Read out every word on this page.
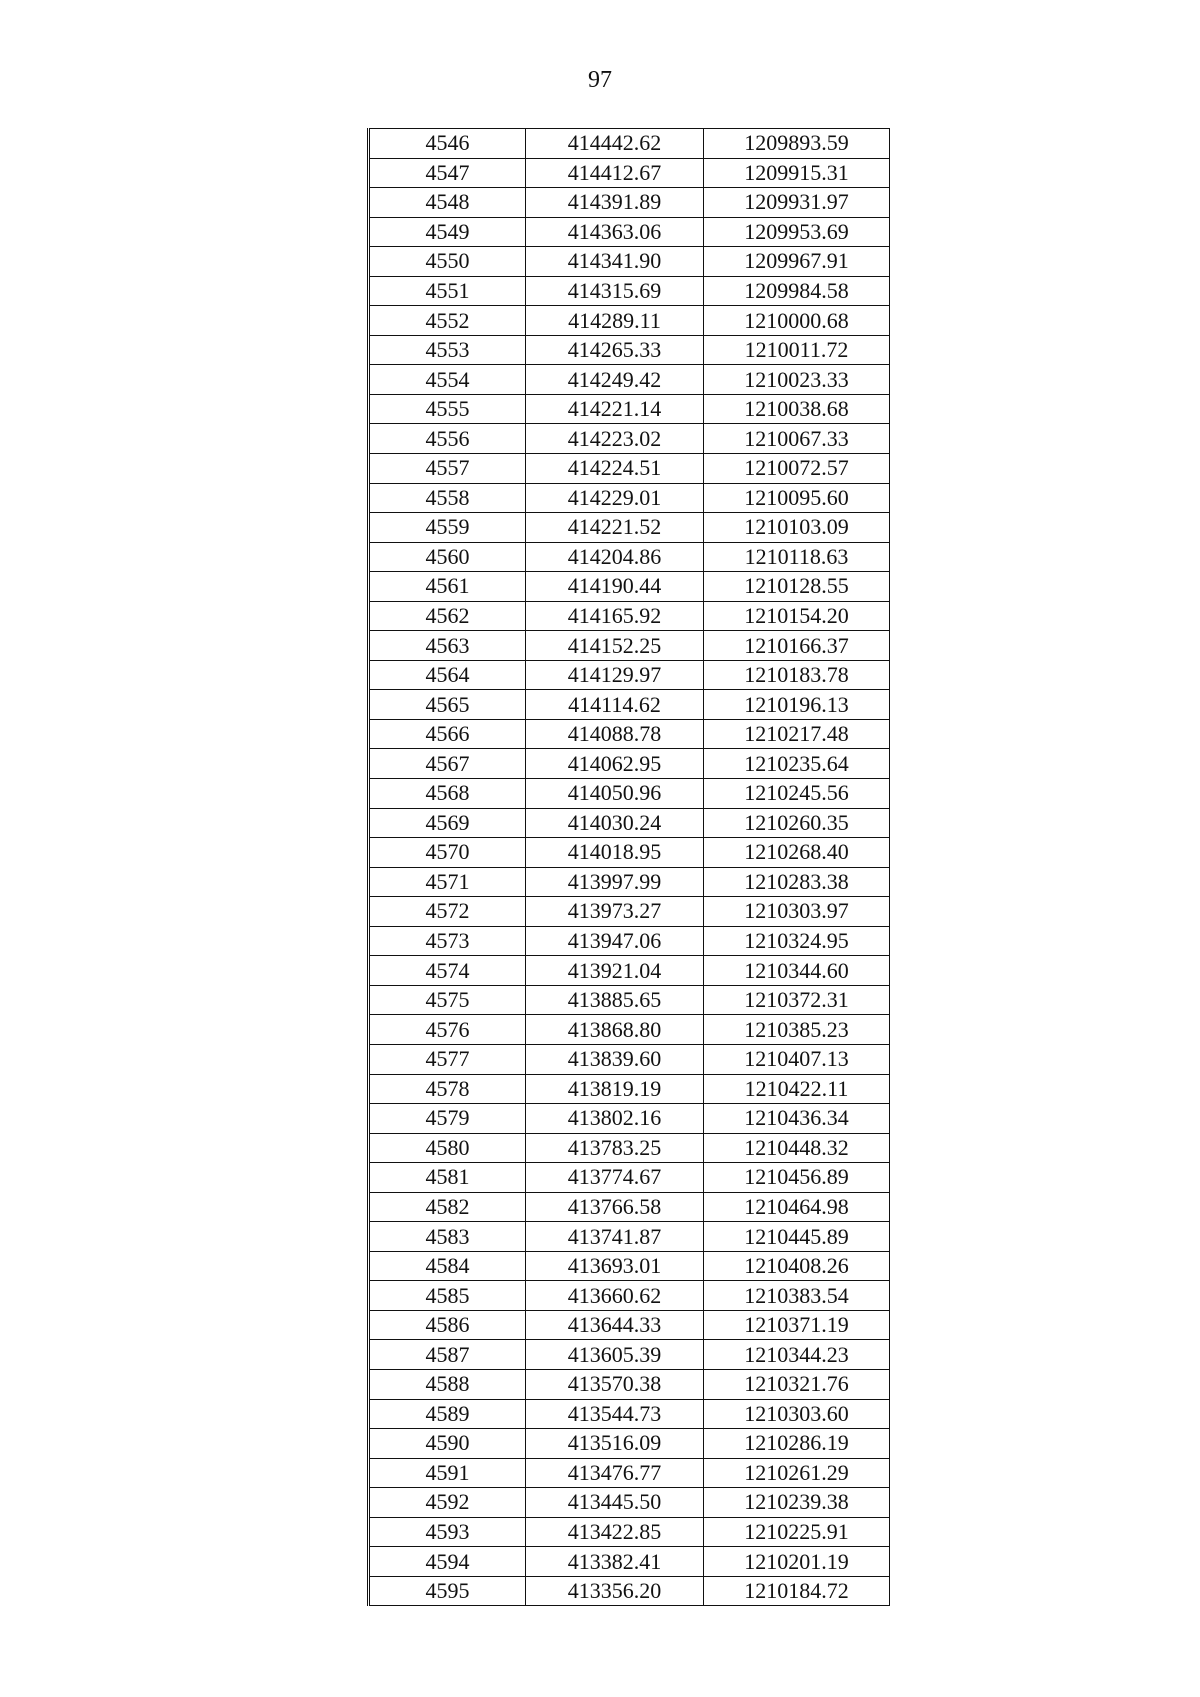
97
4546	414442.62	1209893.59
4547	414412.67	1209915.31
4548	414391.89	1209931.97
4549	414363.06	1209953.69
4550	414341.90	1209967.91
4551	414315.69	1209984.58
4552	414289.11	1210000.68
4553	414265.33	1210011.72
4554	414249.42	1210023.33
4555	414221.14	1210038.68
4556	414223.02	1210067.33
4557	414224.51	1210072.57
4558	414229.01	1210095.60
4559	414221.52	1210103.09
4560	414204.86	1210118.63
4561	414190.44	1210128.55
4562	414165.92	1210154.20
4563	414152.25	1210166.37
4564	414129.97	1210183.78
4565	414114.62	1210196.13
4566	414088.78	1210217.48
4567	414062.95	1210235.64
4568	414050.96	1210245.56
4569	414030.24	1210260.35
4570	414018.95	1210268.40
4571	413997.99	1210283.38
4572	413973.27	1210303.97
4573	413947.06	1210324.95
4574	413921.04	1210344.60
4575	413885.65	1210372.31
4576	413868.80	1210385.23
4577	413839.60	1210407.13
4578	413819.19	1210422.11
4579	413802.16	1210436.34
4580	413783.25	1210448.32
4581	413774.67	1210456.89
4582	413766.58	1210464.98
4583	413741.87	1210445.89
4584	413693.01	1210408.26
4585	413660.62	1210383.54
4586	413644.33	1210371.19
4587	413605.39	1210344.23
4588	413570.38	1210321.76
4589	413544.73	1210303.60
4590	413516.09	1210286.19
4591	413476.77	1210261.29
4592	413445.50	1210239.38
4593	413422.85	1210225.91
4594	413382.41	1210201.19
4595	413356.20	1210184.72
